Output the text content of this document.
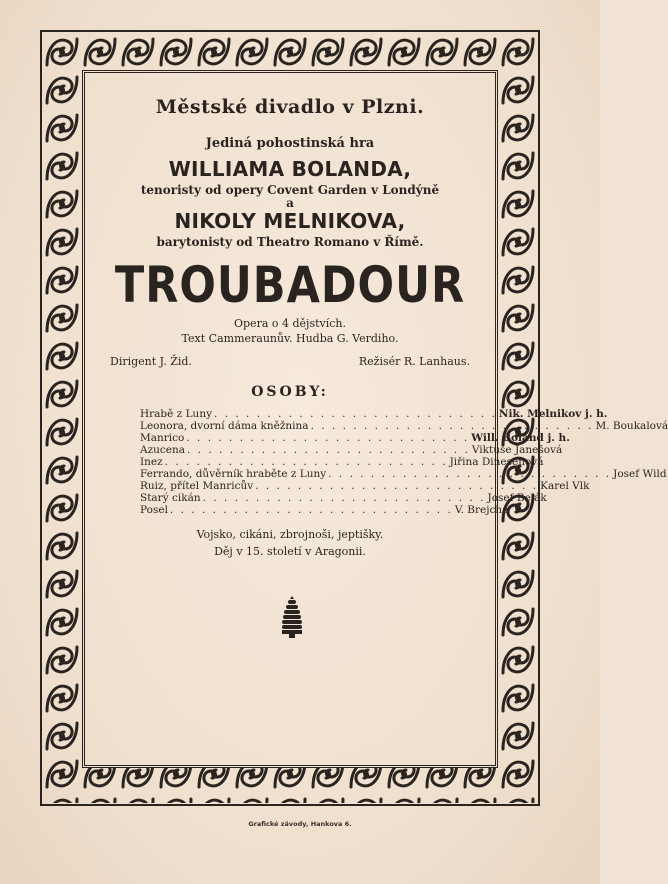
Městské divadlo v Plzni.

Jediná pohostinská hra

WILLIAMA BOLANDA,

tenoristy od opery Covent Garden v Londýně

a

NIKOLY MELNIKOVA,

barytonisty od Theatro Romano v Římě.

TROUBADOUR

Opera o 4 dějstvích.

Text Cammeraunův. Hudba G. Verdiho.

Dirigent J. Žid.	Režisér R. Lanhaus.

OSOBY:

Hrabě z Luny . . . . . . . . . . . . . . . . . . . . . . . . . . . Nik. Melnikov j. h.
Leonora, dvorní dáma kněžnina . . . . . . . . . . . . . . . . . . . . . . . . . . . M. Boukalová
Manrico . . . . . . . . . . . . . . . . . . . . . . . . . . . Will. Boland j. h.
Azucena . . . . . . . . . . . . . . . . . . . . . . . . . . . Viktuše Janešová
Inez . . . . . . . . . . . . . . . . . . . . . . . . . . . Jiřina Dinesenová
Ferrando, důvěrník hraběte z Luny . . . . . . . . . . . . . . . . . . . . . . . . . . . Josef Wild
Ruiz, přítel Manricův . . . . . . . . . . . . . . . . . . . . . . . . . . . Karel Vlk
Starý cikán . . . . . . . . . . . . . . . . . . . . . . . . . . . Josef Belák
Posel . . . . . . . . . . . . . . . . . . . . . . . . . . . V. Brejcha

Vojsko, cikáni, zbrojnoši, jeptišky.

Děj v 15. století v Aragonii.

Grafické závody, Hankova 6.
